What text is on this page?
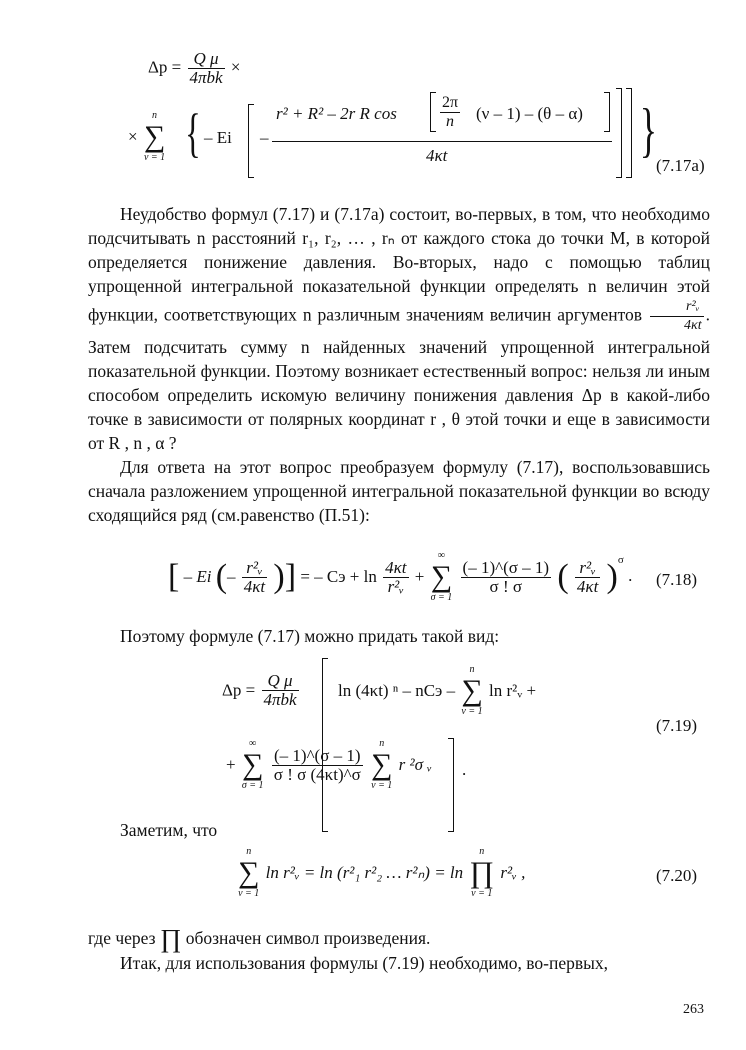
$\Delta p = \frac{\text{Q μ}}{\text{4πbk}}$ ×
×
n
∑
ν = 1 { – Ei –
r² + R² – 2r R cos	$\frac{2\pi}{n} (\nu - 1) - (\theta - \alpha)$
4κt	}
(7.17a)

Неудобство формул (7.17) и (7.17а) состоит, во-первых, в том, что необходимо подсчитывать n расстояний r₁, r₂, … , rₙ от каждого стока до точки M, в которой определяется понижение давления. Во-вторых, надо с помощью таблиц упрощенной интегральной показательной функции определять n величин этой функции, соответствующих n различным значениям величин аргументов $\frac{\text{r²ᵥ}}{4\kappa t}$ . Затем подсчитать сумму n найденных значений упрощенной интегральной показательной функции. Поэтому возникает естественный вопрос: нельзя ли иным способом определить искомую величину понижения давления Δp в какой-либо точке в зависимости от полярных координат r , θ этой точки и еще в зависимости от R , n , α ?

Для ответа на этот вопрос преобразуем формулу (7.17), воспользовавшись сначала разложением упрощенной интегральной показательной функции во всюду сходящийся ряд (см.равенство (П.51):

[ – Ei (– $\frac{\text{r²ᵥ}}{4\kappa t}$ )] = – Cэ + $\ln \frac{4\kappa t}{\text{r²ᵥ}}$ +
∞
∑
σ = 1

$\frac{(- 1)\^{}(\sigma - 1)}{\sigma ! \sigma}$ ( $\frac{\text{r²ᵥ}}{4\kappa t} )^\sigma$ . (7.18)

Поэтому формуле (7.17) можно придать такой вид:

$\Delta p = \frac{\text{Q μ}}{\text{4πbk}}$ ln (4κt) ⁿ – nCэ –
n
∑
ν = 1
ln r²ᵥ +
+
∞
∑
σ = 1

$\frac{(- 1)\^{}(\sigma - 1)}{\sigma ! \sigma (4\kappa t)\^{}\sigma}$

n
∑
ν = 1
r ²σ ᵥ .
(7.19)

Заметим, что

n
∑
ν = 1
ln r²ᵥ = ln (r²₁ r²₂ … r²ₙ) = ln
n
∏
ν = 1
r²ᵥ ,	(7.20)

где через ∏ обозначен символ произведения.

Итак, для использования формулы (7.19) необходимо, во-первых,

263
